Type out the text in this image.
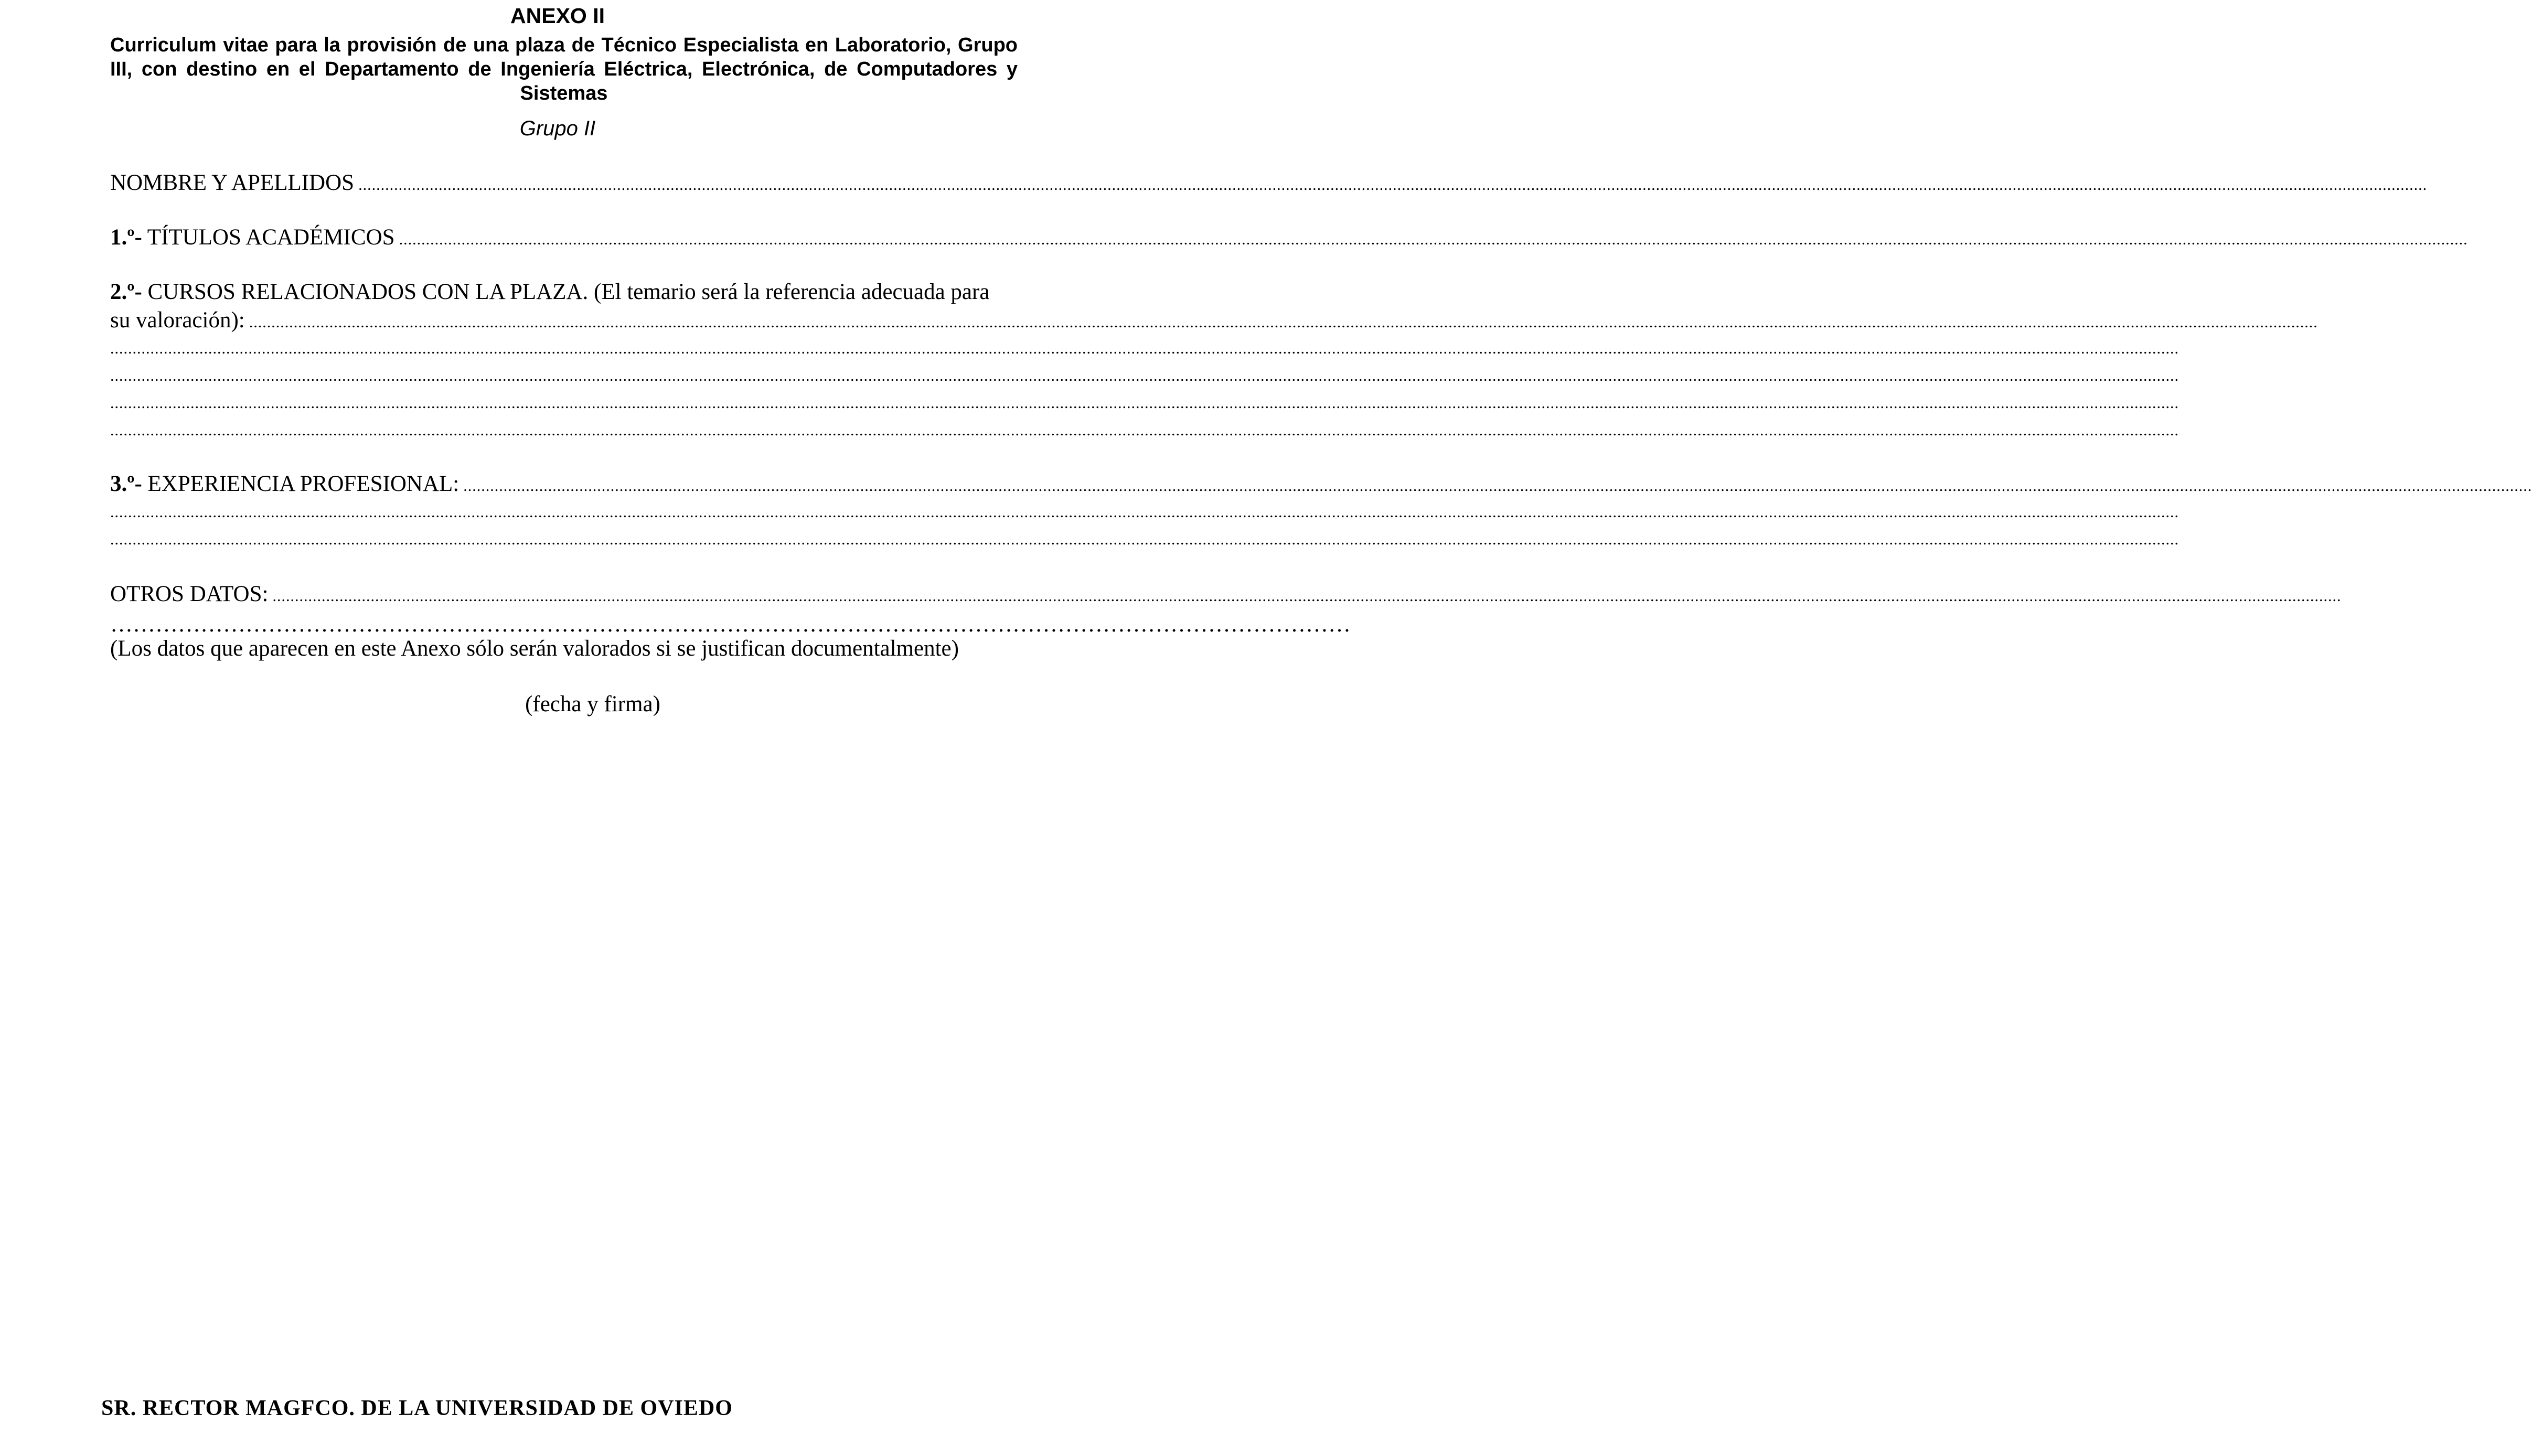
ANEXO II
Curriculum vitae para la provisión de una plaza de Técnico Especialista en Laboratorio, Grupo III, con destino en el Departamento de Ingeniería Eléctrica, Electrónica, de Computadores y Sistemas
Grupo II
NOMBRE Y APELLIDOS
.....
1.º- TÍTULOS ACADÉMICOS
.....
2.º- CURSOS RELACIONADOS CON LA PLAZA. (El temario será la referencia adecuada para
su valoración):
.....
.....
.....
.....
.....
3.º- EXPERIENCIA PROFESIONAL:
.....
.....
.....
OTROS DATOS:
.....
…………………………………………………………………………………………………………………………………………………
(Los datos que aparecen en este Anexo sólo serán valorados si se justifican documentalmente)
(fecha y firma)
SR. RECTOR MAGFCO. DE LA UNIVERSIDAD DE OVIEDO
